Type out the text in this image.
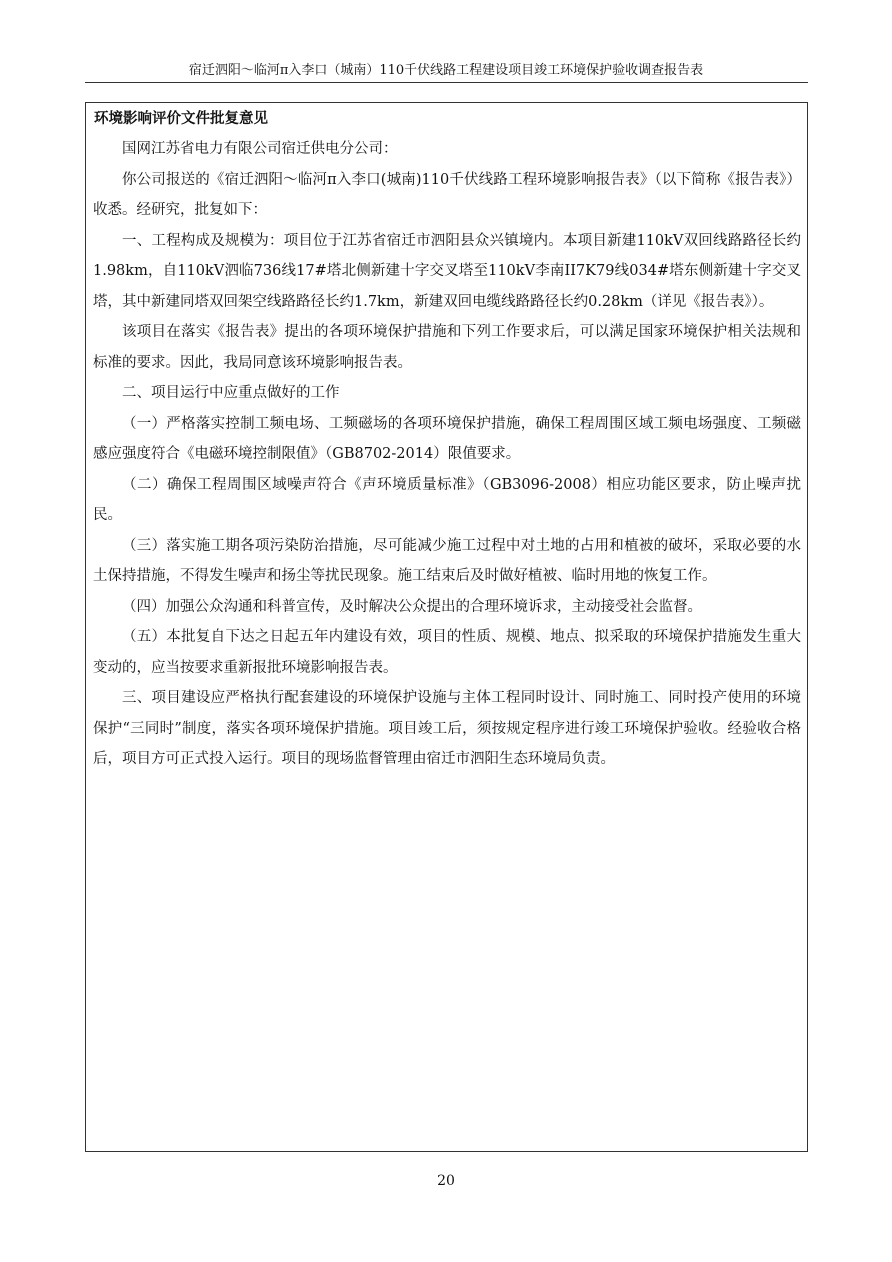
宿迁泗阳～临河π入李口（城南）110千伏线路工程建设项目竣工环境保护验收调查报告表
环境影响评价文件批复意见

国网江苏省电力有限公司宿迁供电分公司：

你公司报送的《宿迁泗阳～临河π入李口(城南)110千伏线路工程环境影响报告表》（以下简称《报告表》）收悉。经研究，批复如下：

一、工程构成及规模为：项目位于江苏省宿迁市泗阳县众兴镇境内。本项目新建110kV双回线路路径长约1.98km，自110kV泗临736线17#塔北侧新建十字交叉塔至110kV李南II7K79线034#塔东侧新建十字交叉塔，其中新建同塔双回架空线路路径长约1.7km，新建双回电缆线路路径长约0.28km（详见《报告表》）。

该项目在落实《报告表》提出的各项环境保护措施和下列工作要求后，可以满足国家环境保护相关法规和标准的要求。因此，我局同意该环境影响报告表。

二、项目运行中应重点做好的工作

（一）严格落实控制工频电场、工频磁场的各项环境保护措施，确保工程周围区域工频电场强度、工频磁感应强度符合《电磁环境控制限值》（GB8702-2014）限值要求。

（二）确保工程周围区域噪声符合《声环境质量标准》（GB3096-2008）相应功能区要求，防止噪声扰民。

（三）落实施工期各项污染防治措施，尽可能减少施工过程中对土地的占用和植被的破坏，采取必要的水土保持措施，不得发生噪声和扬尘等扰民现象。施工结束后及时做好植被、临时用地的恢复工作。

（四）加强公众沟通和科普宣传，及时解决公众提出的合理环境诉求，主动接受社会监督。

（五）本批复自下达之日起五年内建设有效，项目的性质、规模、地点、拟采取的环境保护措施发生重大变动的，应当按要求重新报批环境影响报告表。

三、项目建设应严格执行配套建设的环境保护设施与主体工程同时设计、同时施工、同时投产使用的环境保护“三同时”制度，落实各项环境保护措施。项目竣工后，须按规定程序进行竣工环境保护验收。经验收合格后，项目方可正式投入运行。项目的现场监督管理由宿迁市泗阳生态环境局负责。

20
